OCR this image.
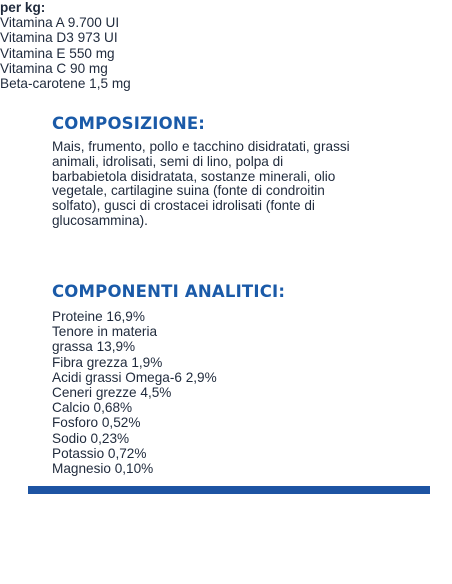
COMPOSIZIONE:

Mais, frumento, pollo e tacchino disidratati, grassi
animali, idrolisati, semi di lino, polpa di
barbabietola disidratata, sostanze minerali, olio
vegetale, cartilagine suina (fonte di condroitin
solfato), gusci di crostacei idrolisati (fonte di
glucosammina).

COMPONENTI ANALITICI:
Proteine 16,9%
Tenore in materia
grassa 13,9%
Fibra grezza 1,9%
Acidi grassi Omega-6 2,9%
Ceneri grezze 4,5%
Calcio 0,68%
Fosforo 0,52%
Sodio 0,23%
Potassio 0,72%
Magnesio 0,10%
per kg:
Vitamina A 9.700 UI
Vitamina D3 973 UI
Vitamina E 550 mg
Vitamina C 90 mg
Beta-carotene 1,5 mg
